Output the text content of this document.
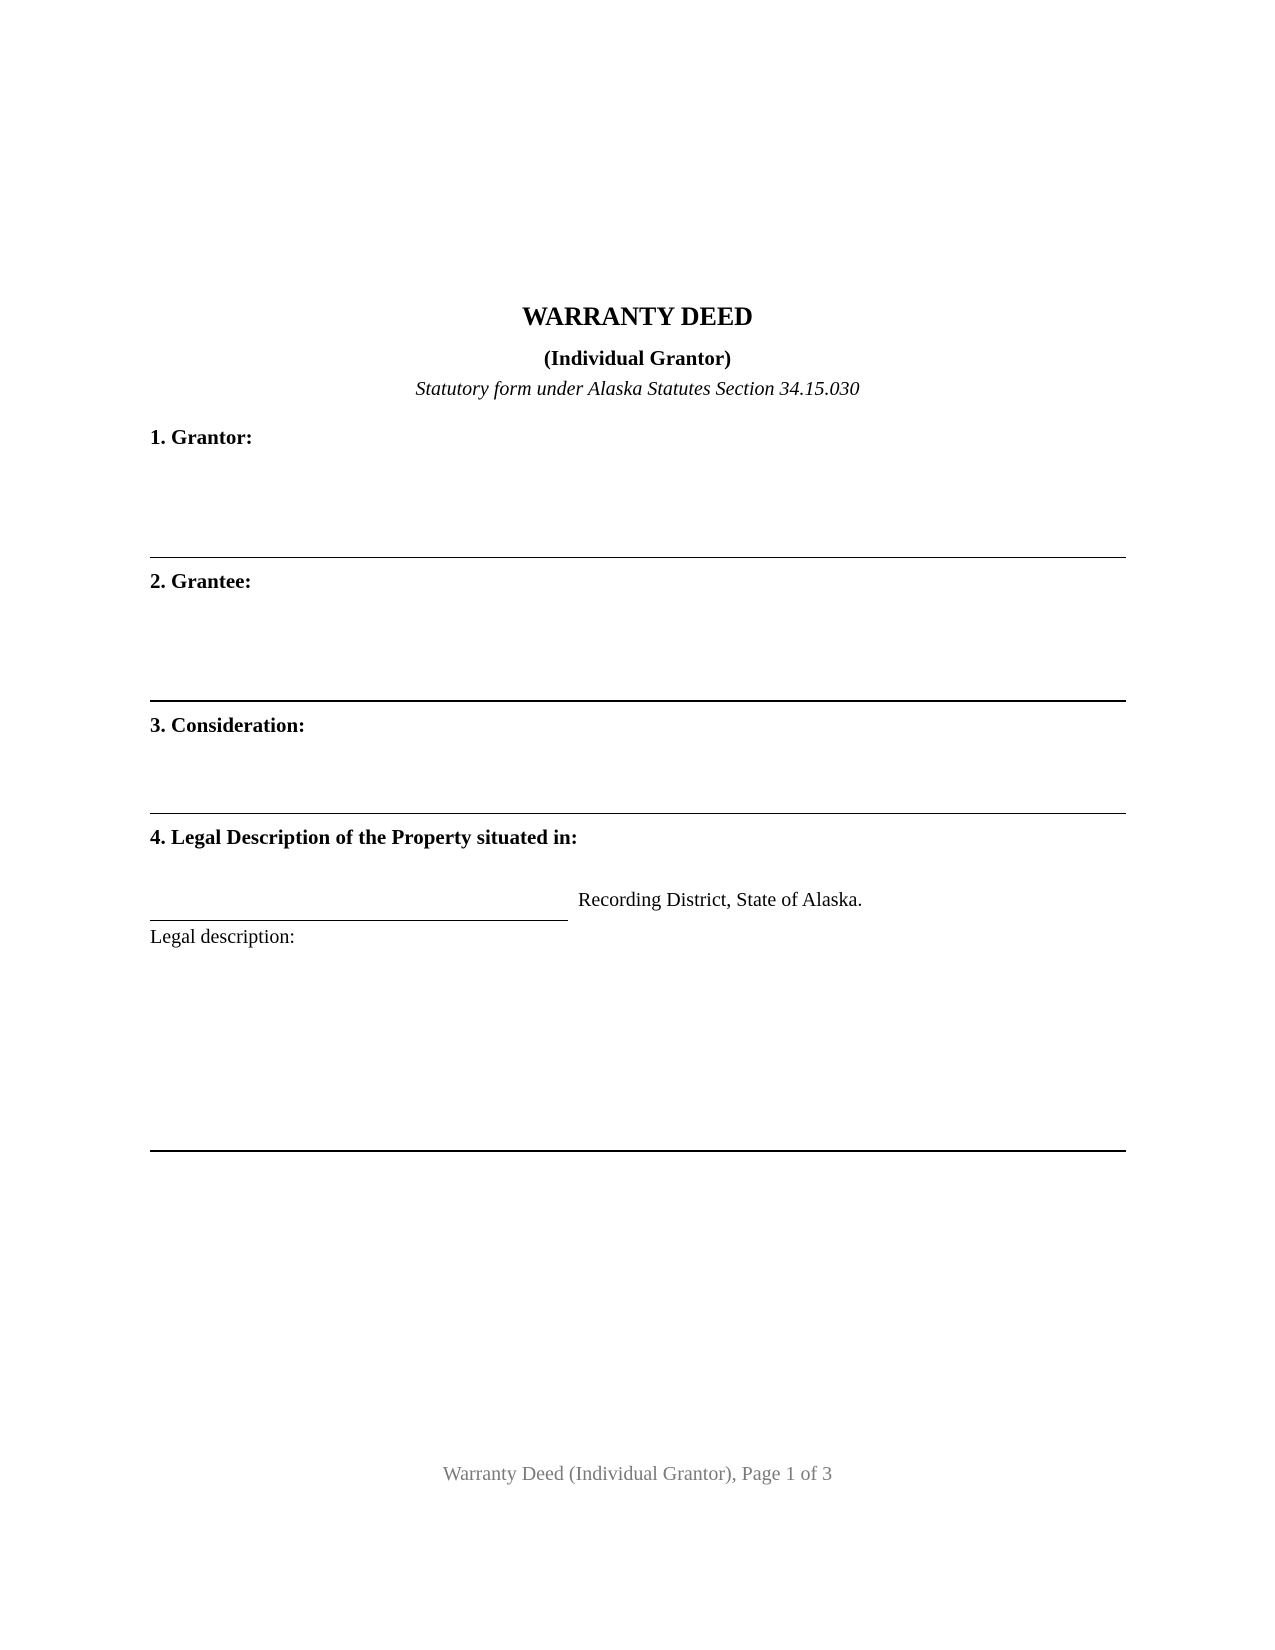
WARRANTY DEED
(Individual Grantor)
Statutory form under Alaska Statutes Section 34.15.030
1. Grantor:
2. Grantee:
3. Consideration:
4. Legal Description of the Property situated in:
Recording District, State of Alaska.
Legal description:
Warranty Deed (Individual Grantor), Page 1 of 3
